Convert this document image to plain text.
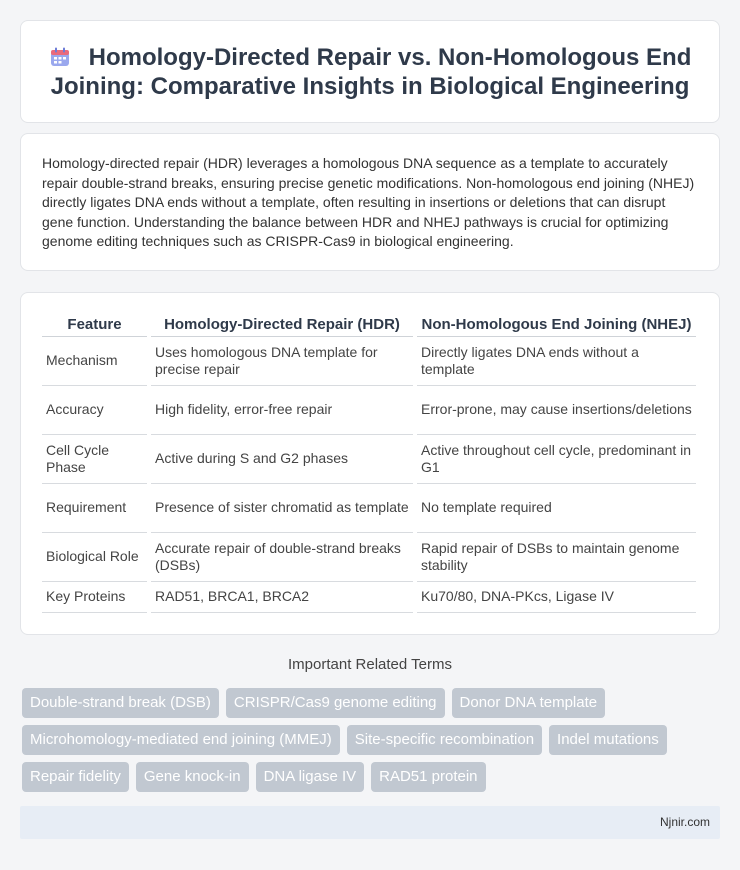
Homology-Directed Repair vs. Non-Homologous End
Joining: Comparative Insights in Biological Engineering

Homology-directed repair (HDR) leverages a homologous DNA sequence as a template to accurately repair double-strand breaks, ensuring precise genetic modifications. Non-homologous end joining (NHEJ) directly ligates DNA ends without a template, often resulting in insertions or deletions that can disrupt gene function. Understanding the balance between HDR and NHEJ pathways is crucial for optimizing genome editing techniques such as CRISPR-Cas9 in biological engineering.

Feature	Homology-Directed Repair (HDR)	Non-Homologous End Joining (NHEJ)
Mechanism	Uses homologous DNA template for precise repair	Directly ligates DNA ends without a template
Accuracy	High fidelity, error-free repair	Error-prone, may cause insertions/deletions
Cell Cycle Phase	Active during S and G2 phases	Active throughout cell cycle, predominant in G1
Requirement	Presence of sister chromatid as template	No template required
Biological Role	Accurate repair of double-strand breaks (DSBs)	Rapid repair of DSBs to maintain genome stability
Key Proteins	RAD51, BRCA1, BRCA2	Ku70/80, DNA-PKcs, Ligase IV
Important Related Terms
Double-strand break (DSB)	CRISPR/Cas9 genome editing	Donor DNA template
Microhomology-mediated end joining (MMEJ)	Site-specific recombination	Indel mutations
Repair fidelity	Gene knock-in	DNA ligase IV	RAD51 protein
Njnir.com
